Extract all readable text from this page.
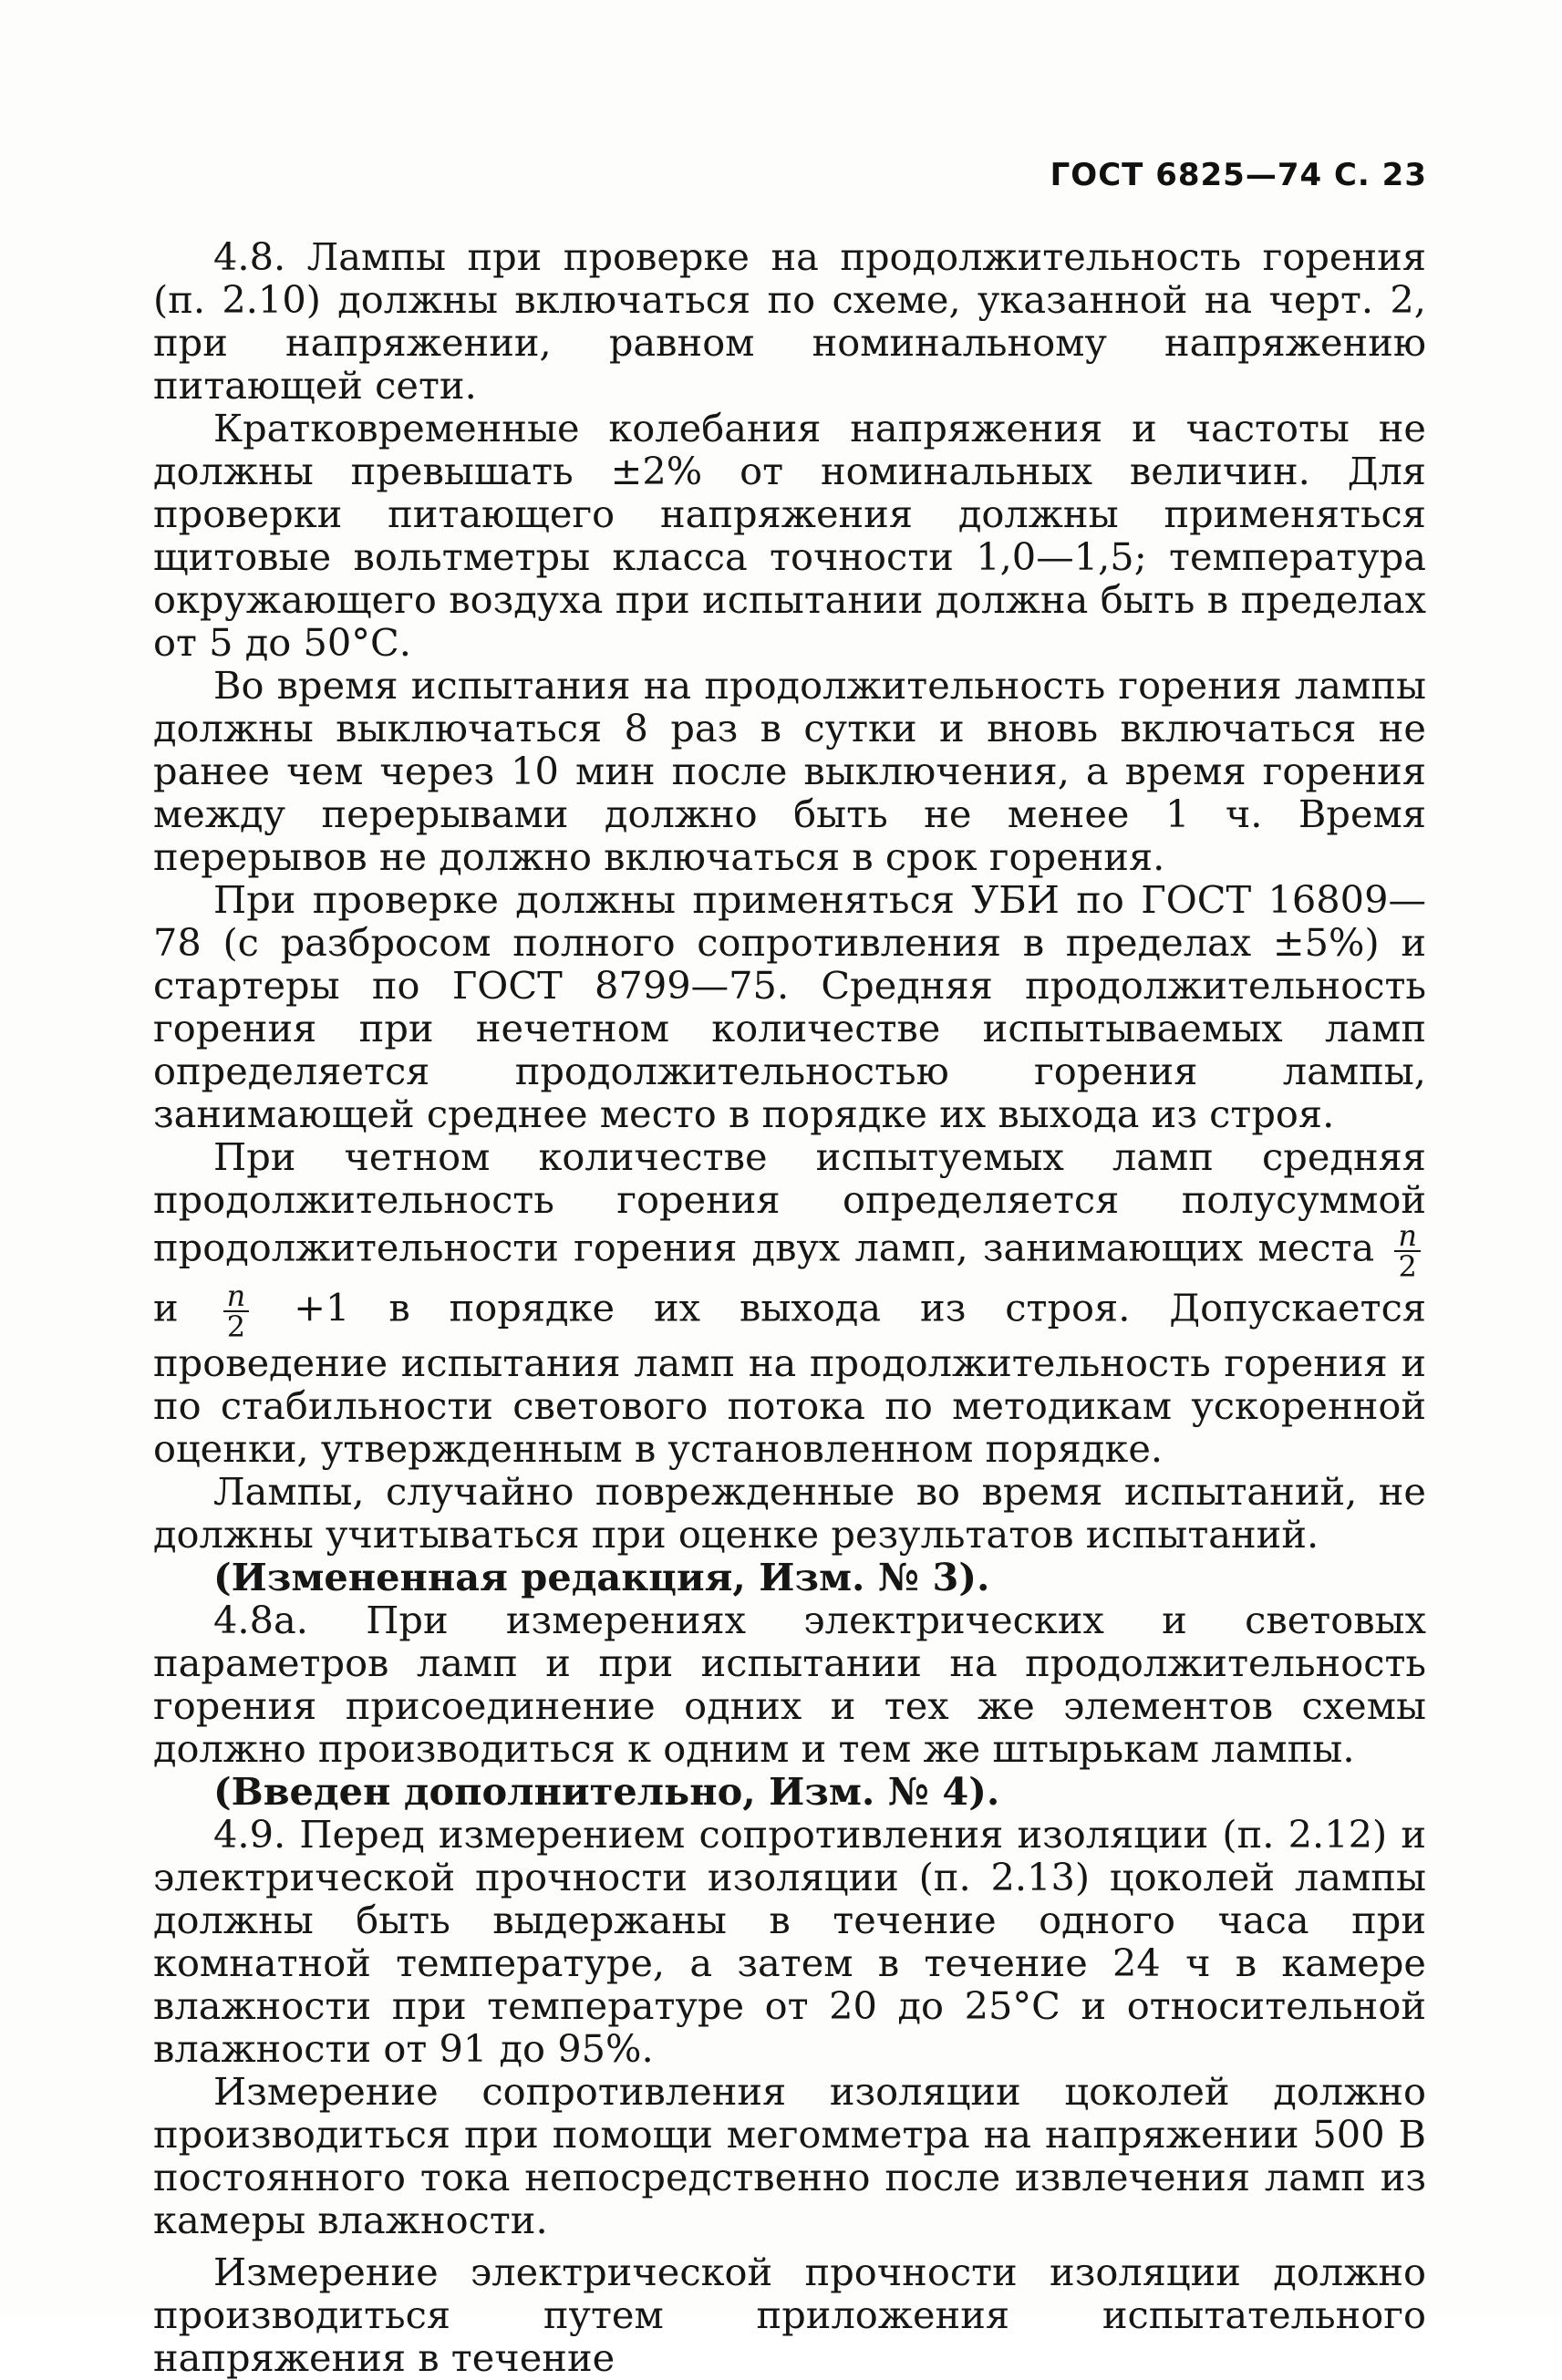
ГОСТ 6825—74 С. 23

4.8. Лампы при проверке на продолжительность горения (п. 2.10) должны включаться по схеме, указанной на черт. 2, при напряжении, равном номинальному напряжению питающей сети.

Кратковременные колебания напряжения и частоты не должны превышать ±2% от номинальных величин. Для проверки питающего напряжения должны применяться щитовые вольтметры класса точности 1,0—1,5; температура окружающего воздуха при испытании должна быть в пределах от 5 до 50°С.

Во время испытания на продолжительность горения лампы должны выключаться 8 раз в сутки и вновь включаться не ранее чем через 10 мин после выключения, а время горения между перерывами должно быть не менее 1 ч. Время перерывов не должно включаться в срок горения.

При проверке должны применяться УБИ по ГОСТ 16809—78 (с разбросом полного сопротивления в пределах ±5%) и стартеры по ГОСТ 8799—75. Средняя продолжительность горения при нечетном количестве испытываемых ламп определяется продолжительностью горения лампы, занимающей среднее место в порядке их выхода из строя.

При четном количестве испытуемых ламп средняя продолжительность горения определяется полусуммой продолжительности горения двух ламп, занимающих места $\frac{n}{2}$
и $\frac{n}{2} +1$ в порядке их выхода из строя. Допускается проведение испытания ламп на продолжительность горения и по стабильности светового потока по методикам ускоренной оценки, утвержденным в установленном порядке.

Лампы, случайно поврежденные во время испытаний, не должны учитываться при оценке результатов испытаний.

(Измененная редакция, Изм. № 3).

4.8а. При измерениях электрических и световых параметров ламп и при испытании на продолжительность горения присоединение одних и тех же элементов схемы должно производиться к одним и тем же штырькам лампы.

(Введен дополнительно, Изм. № 4).

4.9. Перед измерением сопротивления изоляции (п. 2.12) и электрической прочности изоляции (п. 2.13) цоколей лампы должны быть выдержаны в течение одного часа при комнатной температуре, а затем в течение 24 ч в камере влажности при температуре от 20 до 25°С и относительной влажности от 91 до 95%.

Измерение сопротивления изоляции цоколей должно производиться при помощи мегомметра на напряжении 500 В постоянного тока непосредственно после извлечения ламп из камеры влажности.

Измерение электрической прочности изоляции должно производиться путем приложения испытательного напряжения в течение
